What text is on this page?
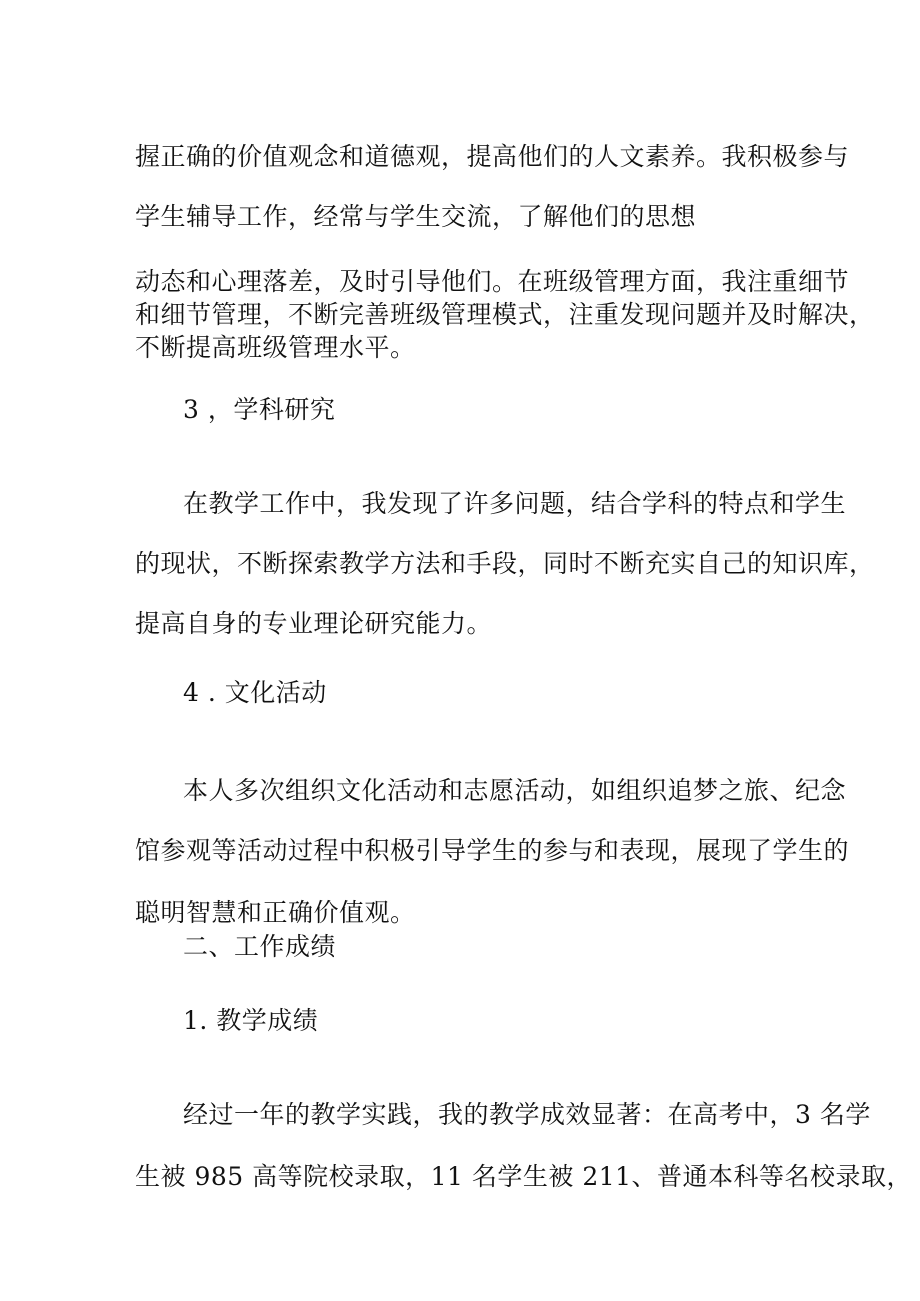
握正确的价值观念和道德观，提高他们的人文素养。我积极参与
学生辅导工作，经常与学生交流，了解他们的思想
动态和心理落差，及时引导他们。在班级管理方面，我注重细节
和细节管理，不断完善班级管理模式，注重发现问题并及时解决，
不断提高班级管理水平。
3 ，学科研究
在教学工作中，我发现了许多问题，结合学科的特点和学生
的现状，不断探索教学方法和手段，同时不断充实自己的知识库，
提高自身的专业理论研究能力。
4 . 文化活动
本人多次组织文化活动和志愿活动，如组织追梦之旅、纪念
馆参观等活动过程中积极引导学生的参与和表现，展现了学生的
聪明智慧和正确价值观。
二、工作成绩
1. 教学成绩
经过一年的教学实践，我的教学成效显著：在高考中，3 名学
生被 985 高等院校录取，11 名学生被 211、普通本科等名校录取，
